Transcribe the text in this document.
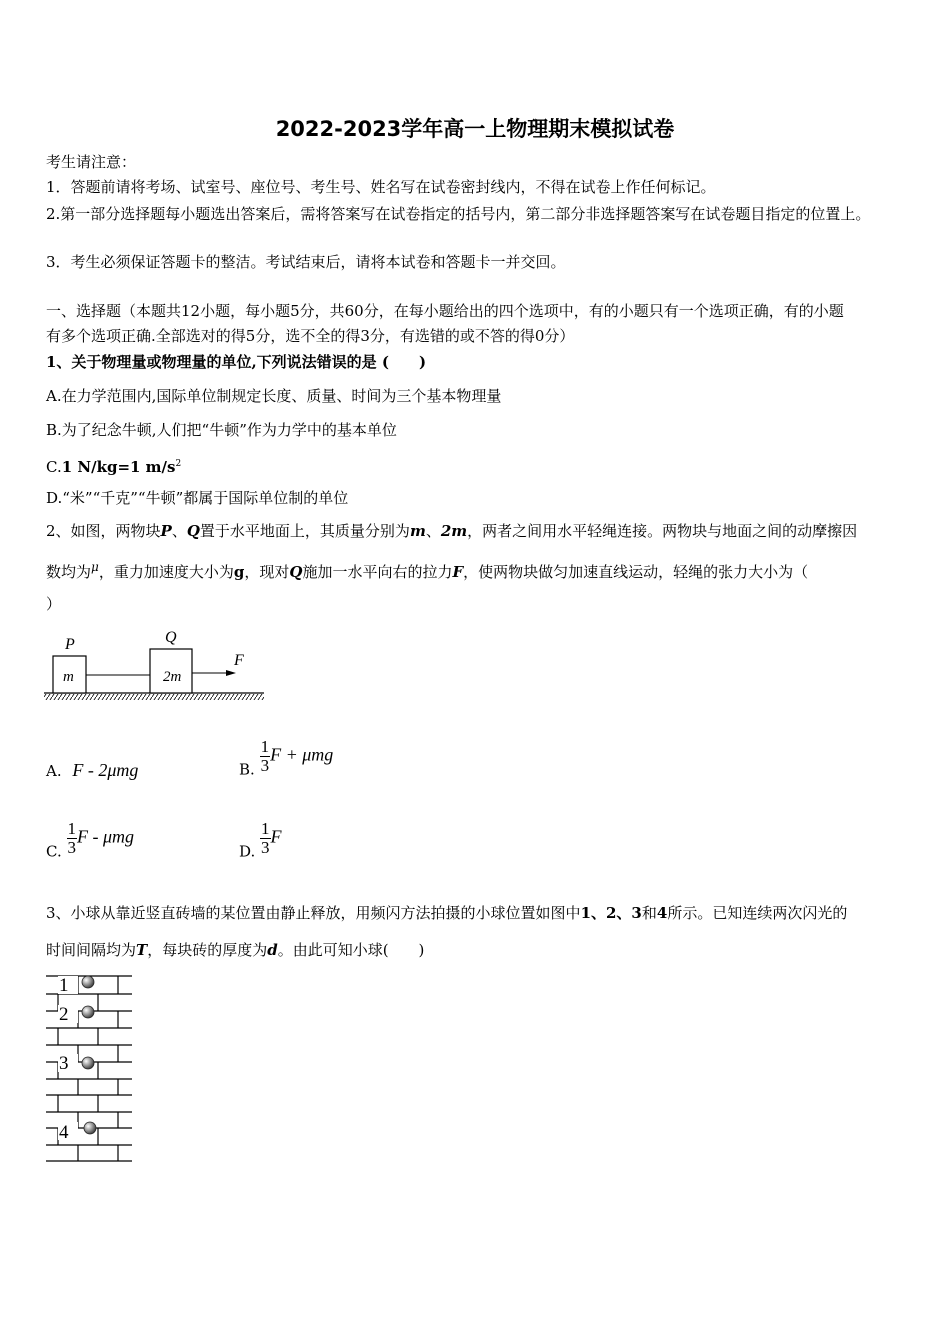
2022-2023学年高一上物理期末模拟试卷
考生请注意：
1．答题前请将考场、试室号、座位号、考生号、姓名写在试卷密封线内，不得在试卷上作任何标记。
2.第一部分选择题每小题选出答案后，需将答案写在试卷指定的括号内，第二部分非选择题答案写在试卷题目指定的位置上。
3．考生必须保证答题卡的整洁。考试结束后，请将本试卷和答题卡一并交回。
一、选择题（本题共12小题，每小题5分，共60分，在每小题给出的四个选项中，有的小题只有一个选项正确，有的小题
有多个选项正确.全部选对的得5分，选不全的得3分，有选错的或不答的得0分）
1、关于物理量或物理量的单位,下列说法错误的是 (　　)
A.在力学范围内,国际单位制规定长度、质量、时间为三个基本物理量
B.为了纪念牛顿,人们把“牛顿”作为力学中的基本单位
C.1 N/kg=1 $m/s^2$
D.“米”“千克”“牛顿”都属于国际单位制的单位
2、如图，两物块P、Q置于水平地面上，其质量分别为m、2m，两者之间用水平轻绳连接。两物块与地面之间的动摩擦因
数均为$^\mu$，重力加速度大小为g，现对Q施加一水平向右的拉力F，使两物块做匀加速直线运动，轻绳的张力大小为（
）
P	Q
m	2m
F
A. F - 2μmg	B. $\frac{1}{3}$ F + μmg
C. $\frac{1}{3}$ F - μmg
D. $\frac{1}{3}$ F
3、小球从靠近竖直砖墙的某位置由静止释放，用频闪方法拍摄的小球位置如图中1、2、3和4所示。已知连续两次闪光的
时间间隔均为T，每块砖的厚度为d。由此可知小球(　　)
1
2
3
4
